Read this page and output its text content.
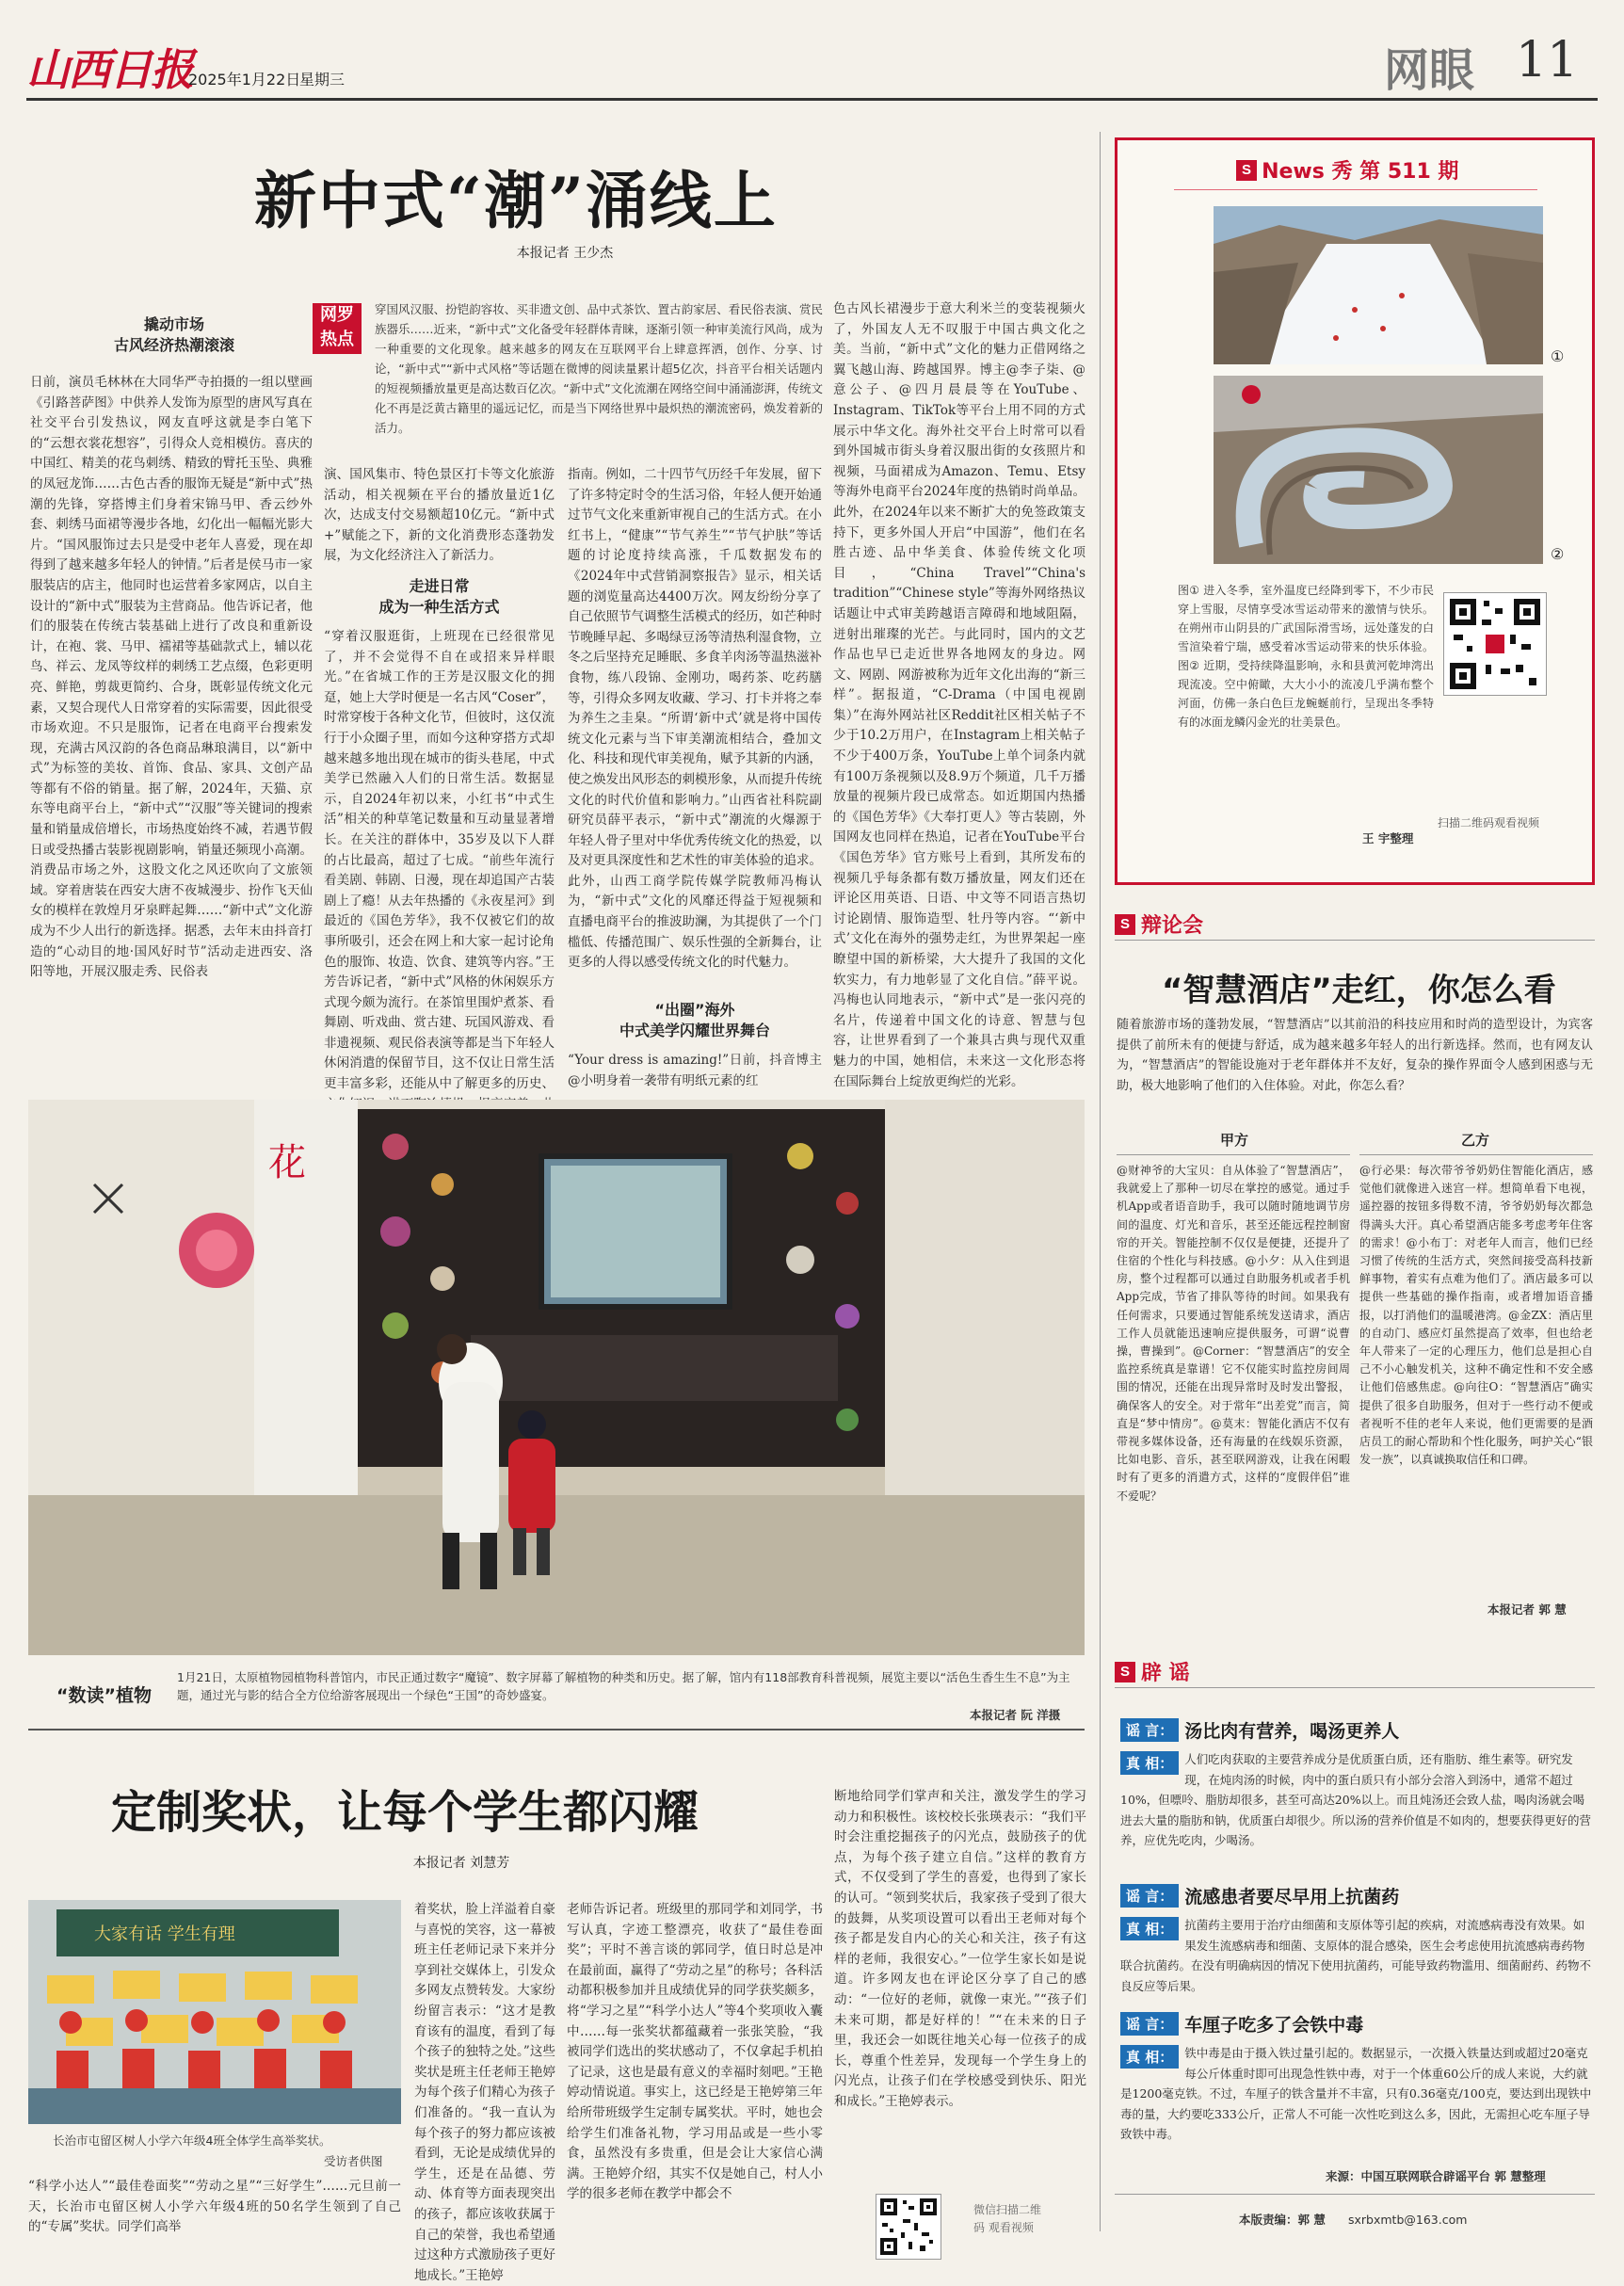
山西日报
2025年1月22日
星期三	网眼 11
新中式“潮”涌线上
本报记者 王少杰
网罗
热点
穿国风汉服、扮铠韵容妆、买非遗文创、品中式茶饮、置古韵家居、看民俗表演、赏民族器乐……近来，“新中式”文化备受年轻群体青睐，逐渐引领一种审美流行风尚，成为一种重要的文化现象。越来越多的网友在互联网平台上肆意挥洒，创作、分享、讨论，“新中式”“新中式风格”等话题在微博的阅读量累计超5亿次，抖音平台相关话题内的短视频播放量更是高达数百亿次。“新中式”文化流潮在网络空间中涌涌澎湃，传统文化不再是泛黄古籍里的遥远记忆，而是当下网络世界中最炽热的潮流密码，焕发着新的活力。
撬动市场
古风经济热潮滚滚
日前，演员毛林林在大同华严寺拍摄的一组以壁画《引路菩萨图》中供养人发饰为原型的唐风写真在社交平台引发热议，网友直呼这就是李白笔下的“云想衣裳花想容”，引得众人竞相模仿。喜庆的中国红、精美的花鸟刺绣、精致的臂托玉坠、典雅的凤冠龙饰……古色古香的服饰无疑是“新中式”热潮的先锋，穿搭博主们身着宋锦马甲、香云纱外套、刺绣马面裙等漫步各地，幻化出一幅幅光影大片。“国风服饰过去只是受中老年人喜爱，现在却得到了越来越多年轻人的钟情。”后者是侯马市一家服装店的店主，他同时也运营着多家网店，以自主设计的“新中式”服装为主营商品。他告诉记者，他们的服装在传统古装基础上进行了改良和重新设计，在袍、裳、马甲、襦裙等基础款式上，辅以花鸟、祥云、龙凤等纹样的刺绣工艺点缀，色彩更明亮、鲜艳，剪裁更简约、合身，既彰显传统文化元素，又契合现代人日常穿着的实际需要，因此很受市场欢迎。不只是服饰，记者在电商平台搜索发现，充满古风汉韵的各色商品琳琅满目，以“新中式”为标签的美妆、首饰、食品、家具、文创产品等都有不俗的销量。据了解，2024年，天猫、京东等电商平台上，“新中式”“汉服”等关键词的搜索量和销量成倍增长，市场热度始终不减，若遇节假日或受热播古装影视剧影响，销量还频现小高潮。消费品市场之外，这股文化之风还吹向了文旅领域。穿着唐装在西安大唐不夜城漫步、扮作飞天仙女的模样在敦煌月牙泉畔起舞……“新中式”文化游成为不少人出行的新选择。据悉，去年末由抖音打造的“心动目的地·国风好时节”活动走进西安、洛阳等地，开展汉服走秀、民俗表
演、国风集市、特色景区打卡等文化旅游活动，相关视频在平台的播放量近1亿次，达成支付交易额超10亿元。“新中式+”赋能之下，新的文化消费形态蓬勃发展，为文化经济注入了新活力。
走进日常
成为一种生活方式
“穿着汉服逛街，上班现在已经很常见了，并不会觉得不自在或招来异样眼光。”在省城工作的王芳是汉服文化的拥趸，她上大学时便是一名古风“Coser”，时常穿梭于各种文化节，但彼时，这仅流行于小众圈子里，而如今这种穿搭方式却越来越多地出现在城市的街头巷尾，中式美学已然融入人们的日常生活。数据显示，自2024年初以来，小红书“中式生活”相关的种草笔记数量和互动量显著增长。在关注的群体中，35岁及以下人群的占比最高，超过了七成。“前些年流行看美剧、韩剧、日漫，现在却追国产古装剧上了瘾！从去年热播的《永夜星河》到最近的《国色芳华》，我不仅被它们的故事所吸引，还会在网上和大家一起讨论角色的服饰、妆造、饮食、建筑等内容。”王芳告诉记者，“新中式”风格的休闲娱乐方式现今颇为流行。在茶馆里围炉煮茶、看舞剧、听戏曲、赏古建、玩国风游戏、看非遗视频、观民俗表演等都是当下年轻人休闲消遣的保留节目，这不仅让日常生活更丰富多彩，还能从中了解更多的历史、
指南。例如，二十四节气历经千年发展，留下了许多特定时令的生活习俗，年轻人便开始通过节气文化来重新审视自己的生活方式。在小红书上，“健康”“节气养生”“节气护肤”等话题的讨论度持续高涨，千瓜数据发布的《2024年中式营销洞察报告》显示，相关话题的浏览量高达4400万次。网友纷纷分享了自己依照节气调整生活模式的经历，如芒种时节晚睡早起、多喝绿豆汤等清热利湿食物，立冬之后坚持充足睡眠、多食羊肉汤等温热滋补食物，练八段锦、金刚功，喝药茶、吃药膳等，引得众多网友收藏、学习、打卡并将之奉为养生之圭臬。“所谓‘新中式’就是将中国传统文化元素与当下审美潮流相结合，叠加文化、科技和现代审美视角，赋予其新的内涵，使之焕发出风形态的刺模形象，从而提升传统文化的时代价值和影响力。”山西省社科院副研究员薛平表示，“新中式”潮流的火爆源于年轻人骨子里对中华优秀传统文化的热爱，以及对更具深度性和艺术性的审美体验的追求。此外，山西工商学院传媒学院教师冯梅认为，“新中式”文化的风靡还得益于短视频和直播电商平台的推波助澜，为其提供了一个门槛低、传播范围广、娱乐性强的全新舞台，让更多的人得以感受传统文化的时代魅力。
“出圈”海外
中式美学闪耀世界舞台
“Your dress is amazing!”日前，抖音博主@小明身着一袭带有明纸元素的红
色古风长裙漫步于意大利米兰的变装视频火了，外国友人无不叹服于中国古典文化之美。当前，“新中式”文化的魅力正借网络之翼飞越山海、跨越国界。博主@李子柒、@意公子、@四月晨晨等在YouTube、Instagram、TikTok等平台上用不同的方式展示中华文化。海外社交平台上时常可以看到外国城市街头身着汉服出街的女孩照片和视频，马面裙成为Amazon、Temu、Etsy等海外电商平台2024年度的热销时尚单品。此外，在2024年以来不断扩大的免签政策支持下，更多外国人开启“中国游”，他们在名胜古迹、品中华美食、体验传统文化项目，“China Travel”“China's tradition”“Chinese style”等海外网络热议话题让中式审美跨越语言障碍和地域阻隔，迸射出璀璨的光芒。与此同时，国内的文艺作品也早已走近世界各地网友的身边。网文、网剧、网游被称为近年文化出海的“新三样”。据报道，“C-Drama（中国电视剧集）”在海外网站社区Reddit社区相关帖子不少于10.2万用户，在Instagram上相关帖子不少于400万条，YouTube上单个词条内就有100万条视频以及8.9万个频道，几千万播放量的视频片段已成常态。如近期国内热播的《国色芳华》《大奉打更人》等古装剧，外国网友也同样在热追，记者在YouTube平台《国色芳华》官方账号上看到，其所发布的视频几乎每条都有数万播放量，网友们还在评论区用英语、日语、中文等不同语言热切讨论剧情、服饰造型、牡丹等内容。“‘新中式’文化在海外的强势走红，为世界架起一座瞭望中国的新桥梁，大大提升了我国的文化软实力，有力地彰显了文化自信。”薛平说。冯梅也认同地表示，“新中式”是一张闪亮的名片，传递着中国文化的诗意、智慧与包容，让世界看到了一个兼具古典与现代双重魅力的中国，她相信，未来这一文化形态将在国际舞台上绽放更绚烂的光彩。
花
“数读”植物
1月21日，太原植物园植物科普馆内，市民正通过数字“魔镜”、数字屏幕了解植物的种类和历史。据了解，馆内有118部教育科普视频，展览主要以“活色生香生生不息”为主题，通过光与影的结合全方位给游客展现出一个绿色“王国”的奇妙盛宴。
本报记者 阮 洋摄
定制奖状，让每个学生都闪耀
本报记者 刘慧芳
大家有话 学生有理
长治市屯留区树人小学六年级4班全体学生高举奖状。
受访者供图
“科学小达人”“最佳卷面奖”“劳动之星”“三好学生”……元旦前一天，长治市屯留区树人小学六年级4班的50名学生领到了自己的“专属”奖状。同学们高举
着奖状，脸上洋溢着自豪与喜悦的笑容，这一幕被班主任老师记录下来并分享到社交媒体上，引发众多网友点赞转发。大家纷纷留言表示：“这才是教育该有的温度，看到了每个孩子的独特之处。”这些奖状是班主任老师王艳婷为每个孩子们精心为孩子们准备的。“我一直认为每个孩子的努力都应该被看到，无论是成绩优异的学生，还是在品德、劳动、体育等方面表现突出的孩子，都应该收获属于自己的荣誉，我也希望通过这种方式激励孩子更好地成长。”王艳婷
老师告诉记者。班级里的那同学和刘同学，书写认真，字迹工整漂亮，收获了“最佳卷面奖”；平时不善言谈的郭同学，值日时总是冲在最前面，赢得了“劳动之星”的称号；各科活动都积极参加并且成绩优异的同学获奖颇多，将“学习之星”“科学小达人”等4个奖项收入囊中……每一张奖状都蕴藏着一张张笑脸，“我被同学们选出的奖状感动了，不仅拿起手机拍了记录，这也是最有意义的幸福时刻吧。”王艳婷动情说道。事实上，这已经是王艳婷第三年给所带班级学生定制专属奖状。平时，她也会给学生们准备礼物，学习用品或是一些小零食，虽然没有多贵重，但是会让大家信心满满。王艳婷介绍，其实不仅是她自己，村人小学的很多老师在教学中都会不
断地给同学们掌声和关注，激发学生的学习动力和积极性。该校校长张瑛表示：“我们平时会注重挖掘孩子的闪光点，鼓励孩子的优点，为每个孩子建立自信。”这样的教育方式，不仅受到了学生的喜爱，也得到了家长的认可。“领到奖状后，我家孩子受到了很大的鼓舞，从奖项设置可以看出王老师对每个孩子都是发自内心的关心和关注，孩子有这样的老师，我很安心。”一位学生家长如是说道。许多网友也在评论区分享了自己的感动：“一位好的老师，就像一束光。”“孩子们未来可期，都是好样的！”“在未来的日子里，我还会一如既往地关心每一位孩子的成长，尊重个性差异，发现每一个学生身上的闪光点，让孩子们在学校感受到快乐、阳光和成长。”王艳婷表示。
微信扫描二维码 观看视频
S News 秀 第 511 期
①
②
图① 进入冬季，室外温度已经降到零下，不少市民穿上雪服，尽情享受冰雪运动带来的激情与快乐。在朔州市山阴县的广武国际滑雪场，远处蓬发的白雪渲染着宁瑞，感受着冰雪运动带来的快乐体验。图② 近期，受持续降温影响，永和县黄河乾坤湾出现流凌。空中俯瞰，大大小小的流凌几乎满布整个河面，仿佛一条白色巨龙蜿蜒前行，呈现出冬季特有的冰面龙鳞闪金光的壮美景色。
王 宇整理
扫描二维码观看视频
S 辩论会
“智慧酒店”走红，你怎么看
随着旅游市场的蓬勃发展，“智慧酒店”以其前沿的科技应用和时尚的造型设计，为宾客提供了前所未有的便捷与舒适，成为越来越多年轻人的出行新选择。然而，也有网友认为，“智慧酒店”的智能设施对于老年群体并不友好，复杂的操作界面令人感到困惑与无助，极大地影响了他们的入住体验。对此，你怎么看？
甲方	乙方
@财神爷的大宝贝：自从体验了“智慧酒店”，我就爱上了那种一切尽在掌控的感觉。通过手机App或者语音助手，我可以随时随地调节房间的温度、灯光和音乐，甚至还能远程控制窗帘的开关。智能控制不仅仅是便捷，还提升了住宿的个性化与科技感。@小夕：从入住到退房，整个过程都可以通过自助服务机或者手机App完成，节省了排队等待的时间。如果我有任何需求，只要通过智能系统发送请求，酒店工作人员就能迅速响应提供服务，可谓“说曹操，曹操到”。@Corner：“智慧酒店”的安全监控系统真是靠谱！它不仅能实时监控房间周围的情况，还能在出现异常时及时发出警报，确保客人的安全。对于常年“出差党”而言，简直是“梦中情房”。@莫末：智能化酒店不仅有带视多媒体设备，还有海量的在线娱乐资源，比如电影、音乐，甚至联网游戏，让我在闲暇时有了更多的消遣方式，这样的“度假伴侣”谁不爱呢？
@行必果：每次带爷爷奶奶住智能化酒店，感觉他们就像进入迷宫一样。想简单看下电视，遥控器的按钮多得数不清，爷爷奶奶每次都急得满头大汗。真心希望酒店能多考虑考年住客的需求！@小布丁：对老年人而言，他们已经习惯了传统的生活方式，突然间接受高科技新鲜事物，着实有点难为他们了。酒店最多可以提供一些基础的操作指南，或者增加语音播报，以打消他们的温暖港湾。@金ZX：酒店里的自动门、感应灯虽然提高了效率，但也给老年人带来了一定的心理压力，他们总是担心自己不小心触发机关，这种不确定性和不安全感让他们倍感焦虑。@向往O：“智慧酒店”确实提供了很多自助服务，但对于一些行动不便或者视听不佳的老年人来说，他们更需要的是酒店员工的耐心帮助和个性化服务，呵护关心“银发一族”，以真诚换取信任和口碑。
本报记者 郭 慧
S 辟 谣
谣 言： 汤比肉有营养，喝汤更养人
真 相： 人们吃肉获取的主要营养成分是优质蛋白质，还有脂肪、维生素等。研究发现，在炖肉汤的时候，肉中的蛋白质只有小部分会溶入到汤中，通常不超过10%，但嘌呤、脂肪却很多，甚至可高达20%以上。而且炖汤还会致人盐，喝肉汤就会喝进去大量的脂肪和钠，优质蛋白却很少。所以汤的营养价值是不如肉的，想要获得更好的营养，应优先吃肉，少喝汤。
谣 言： 流感患者要尽早用上抗菌药
真 相： 抗菌药主要用于治疗由细菌和支原体等引起的疾病，对流感病毒没有效果。如果发生流感病毒和细菌、支原体的混合感染，医生会考虑使用抗流感病毒药物联合抗菌药。在没有明确病因的情况下使用抗菌药，可能导致药物滥用、细菌耐药、药物不良反应等后果。
谣 言： 车厘子吃多了会铁中毒
真 相： 铁中毒是由于摄入铁过量引起的。数据显示，一次摄入铁量达到或超过20毫克每公斤体重时即可出现急性铁中毒，对于一个体重60公斤的成人来说，大约就是1200毫克铁。不过，车厘子的铁含量并不丰富，只有0.36毫克/100克，要达到出现铁中毒的量，大约要吃333公斤，正常人不可能一次性吃到这么多，因此，无需担心吃车厘子导致铁中毒。
来源：中国互联网联合辟谣平台 郭 慧整理
本版责编：郭 慧 sxrbxmtb@163.com
